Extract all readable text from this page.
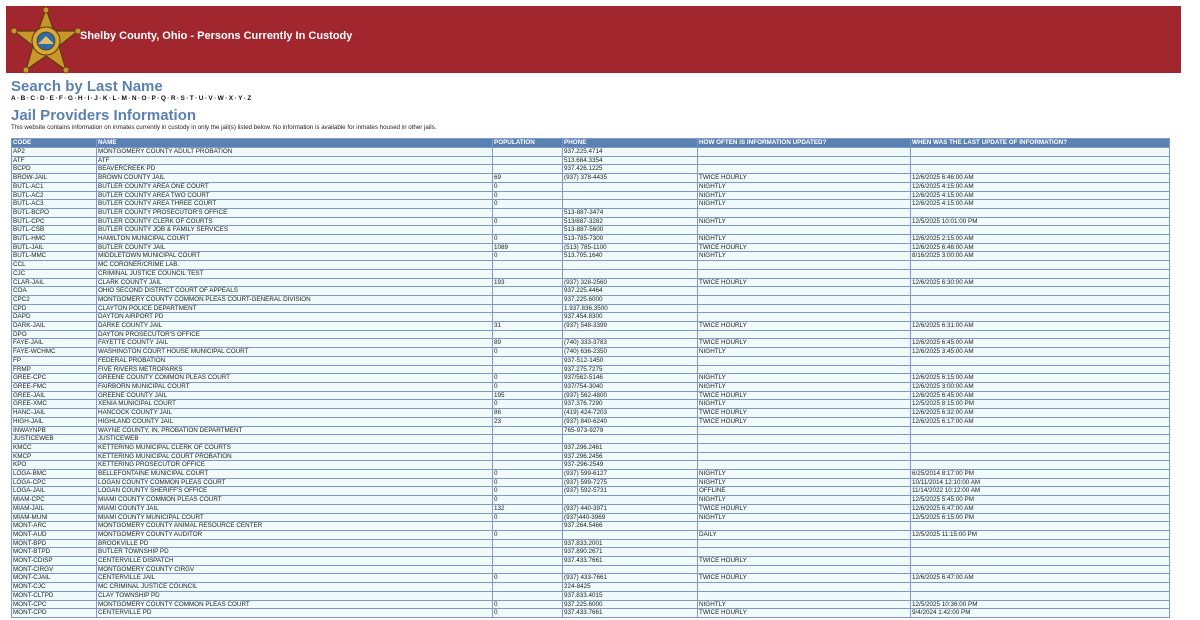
Shelby County, Ohio - Persons Currently In Custody
Search by Last Name
A · B · C · D · E · F · G · H · I · J · K · L · M · N · O · P · Q · R · S · T · U · V · W · X · Y · Z
Jail Providers Information
This website contains information on inmates currently in custody in only the jail(s) listed below. No information is available for inmates housed in other jails.
CODE	NAME	POPULATION	PHONE	HOW OFTEN IS INFORMATION UPDATED?	WHEN WAS THE LAST UPDATE OF INFORMATION?
AP2	MONTGOMERY COUNTY ADULT PROBATION		937.225.4714		
ATF	ATF		513.684.3354		
BCPD	BEAVERCREEK PD		937.426.1225		
BROW-JAIL	BROWN COUNTY JAIL	69	(937) 378-4435	TWICE HOURLY	12/6/2025 6:46:00 AM
BUTL-AC1	BUTLER COUNTY AREA ONE COURT	0		NIGHTLY	12/6/2025 4:15:00 AM
BUTL-AC2	BUTLER COUNTY AREA TWO COURT	0		NIGHTLY	12/6/2025 4:15:00 AM
BUTL-AC3	BUTLER COUNTY AREA THREE COURT	0		NIGHTLY	12/6/2025 4:15:00 AM
BUTL-BCPO	BUTLER COUNTY PROSECUTOR'S OFFICE		513-887-3474		
BUTL-CPC	BUTLER COUNTY CLERK OF COURTS	0	513/887-3282	NIGHTLY	12/5/2025 10:01:00 PM
BUTL-CSB	BUTLER COUNTY JOB & FAMILY SERVICES		513-887-5600		
BUTL-HMC	HAMILTON MUNICIPAL COURT	0	513-785-7300	NIGHTLY	12/6/2025 2:15:00 AM
BUTL-JAIL	BUTLER COUNTY JAIL	1089	(513) 785-1100	TWICE HOURLY	12/6/2025 6:46:00 AM
BUTL-MMC	MIDDLETOWN MUNICIPAL COURT	0	513.705.1640	NIGHTLY	8/16/2025 3:00:00 AM
CCL	MC CORONER/CRIME LAB.				
CJC	CRIMINAL JUSTICE COUNCIL TEST				
CLAR-JAIL	CLARK COUNTY JAIL	193	(937) 328-2560	TWICE HOURLY	12/6/2025 6:30:00 AM
COA	OHIO SECOND DISTRICT COURT OF APPEALS		937.225.4464		
CPC2	MONTGOMERY COUNTY COMMON PLEAS COURT-GENERAL DIVISION		937.225.6000		
CPD	CLAYTON POLICE DEPARTMENT		1.937.836.3500		
DAPD	DAYTON AIRPORT PD		937.454.8300		
DARK-JAIL	DARKE COUNTY JAIL	31	(937) 548-3399	TWICE HOURLY	12/6/2025 6:31:00 AM
DPO	DAYTON PROSECUTOR'S OFFICE				
FAYE-JAIL	FAYETTE COUNTY JAIL	89	(740) 333-3783	TWICE HOURLY	12/6/2025 6:45:00 AM
FAYE-WCHMC	WASHINGTON COURT HOUSE MUNICIPAL COURT	0	(740) 636-2350	NIGHTLY	12/6/2025 3:45:00 AM
FP	FEDERAL PROBATION		937-512-1450		
FRMP	FIVE RIVERS METROPARKS		937.275.7275		
GREE-CPC	GREENE COUNTY COMMON PLEAS COURT	0	937/562-5146	NIGHTLY	12/6/2025 6:15:00 AM
GREE-FMC	FAIRBORN MUNICIPAL COURT	0	937/754-3040	NIGHTLY	12/6/2025 3:00:00 AM
GREE-JAIL	GREENE COUNTY JAIL	195	(937) 562-4800	TWICE HOURLY	12/6/2025 6:45:00 AM
GREE-XMC	XENIA MUNICIPAL COURT	0	937.376.7290	NIGHTLY	12/5/2025 8:15:00 PM
HANC-JAIL	HANCOCK COUNTY JAIL	86	(419) 424-7203	TWICE HOURLY	12/6/2025 6:32:00 AM
HIGH-JAIL	HIGHLAND COUNTY JAIL	23	(937) 840-6240	TWICE HOURLY	12/6/2025 6:17:00 AM
INWAYNPB	WAYNE COUNTY, IN, PROBATION DEPARTMENT		765-973-9279		
JUSTICEWEB	JUSTICEWEB				
KMCC	KETTERING MUNICIPAL CLERK OF COURTS		937.296.2461		
KMCP	KETTERING MUNICIPAL COURT PROBATION		937.296.2456		
KPO	KETTERING PROSECUTOR OFFICE		937-296-2549		
LOGA-BMC	BELLEFONTAINE MUNICIPAL COURT	0	(937) 599-6127	NIGHTLY	6/25/2014 8:17:00 PM
LOGA-CPC	LOGAN COUNTY COMMON PLEAS COURT	0	(937) 599-7275	NIGHTLY	10/11/2014 12:10:00 AM
LOGA-JAIL	LOGAN COUNTY SHERIFF'S OFFICE	0	(937) 592-5731	OFFLINE	11/14/2022 10:12:00 AM
MIAM-CPC	MIAMI COUNTY COMMON PLEAS COURT	0		NIGHTLY	12/5/2025 5:45:00 PM
MIAM-JAIL	MIAMI COUNTY JAIL	132	(937) 440-3971	TWICE HOURLY	12/6/2025 6:47:00 AM
MIAM-MUNI	MIAMI COUNTY MUNICIPAL COURT	0	(937)440-3969	NIGHTLY	12/5/2025 6:15:00 PM
MONT-ARC	MONTGOMERY COUNTY ANIMAL RESOURCE CENTER		937.264.5466		
MONT-AUD	MONTGOMERY COUNTY AUDITOR	0		DAILY	12/5/2025 11:15:00 PM
MONT-BPD	BROOKVILLE PD		937.833.2001		
MONT-BTPD	BUTLER TOWNSHIP PD		937.890.2671		
MONT-CDISP	CENTERVILLE DISPATCH		937.433.7661	TWICE HOURLY	
MONT-CIRGV	MONTGOMERY COUNTY CIRGV				
MONT-CJAIL	CENTERVILLE JAIL	0	(937) 433-7661	TWICE HOURLY	12/6/2025 6:47:00 AM
MONT-CJC	MC CRIMINAL JUSTICE COUNCIL		224-8425		
MONT-CLTPD	CLAY TOWNSHIP PD		937.833.4015		
MONT-CPC	MONTGOMERY COUNTY COMMON PLEAS COURT	0	937.225.6000	NIGHTLY	12/5/2025 10:36:00 PM
MONT-CPD	CENTERVILLE PD	0	937.433.7661	TWICE HOURLY	9/4/2024 1:42:00 PM
